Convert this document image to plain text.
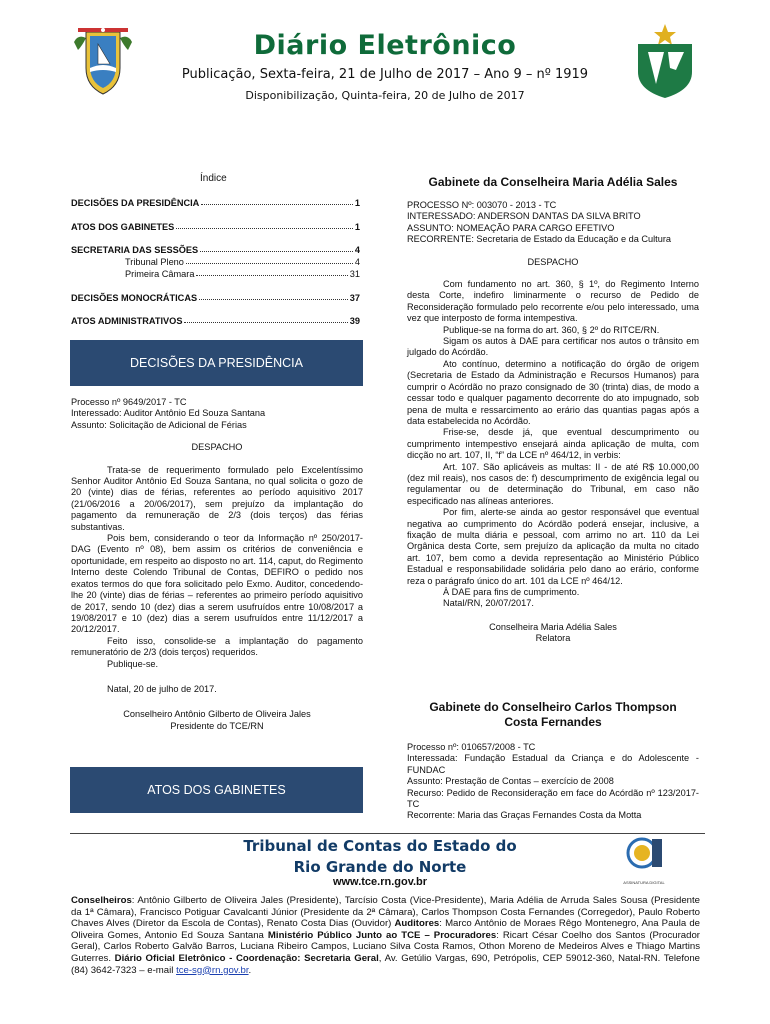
Diário Eletrônico
Publicação, Sexta-feira, 21 de Julho de 2017 – Ano 9 – nº 1919
Disponibilização, Quinta-feira, 20 de Julho de 2017
Índice
DECISÕES DA PRESIDÊNCIA	1
ATOS DOS GABINETES	1
SECRETARIA DAS SESSÕES	4
Tribunal Pleno	4
Primeira Câmara	31
DECISÕES MONOCRÁTICAS	37
ATOS ADMINISTRATIVOS	39
DECISÕES DA PRESIDÊNCIA
Processo nº 9649/2017 - TC
Interessado: Auditor Antônio Ed Souza Santana
Assunto: Solicitação de Adicional de Férias
DESPACHO
Trata-se de requerimento formulado pelo Excelentíssimo Senhor Auditor Antônio Ed Souza Santana, no qual solicita o gozo de 20 (vinte) dias de férias, referentes ao período aquisitivo 2017 (21/06/2016 a 20/06/2017), sem prejuízo da implantação do pagamento da remuneração de 2/3 (dois terços) das férias substantivas.
Pois bem, considerando o teor da Informação nº 250/2017-DAG (Evento nº 08), bem assim os critérios de conveniência e oportunidade, em respeito ao disposto no art. 114, caput, do Regimento Interno deste Colendo Tribunal de Contas, DEFIRO o pedido nos exatos termos do que fora solicitado pelo Exmo. Auditor, concedendo-lhe 20 (vinte) dias de férias – referentes ao primeiro período aquisitivo de 2017, sendo 10 (dez) dias a serem usufruídos entre 10/08/2017 a 19/08/2017 e 10 (dez) dias a serem usufruídos entre 11/12/2017 a 20/12/2017.
Feito isso, consolide-se a implantação do pagamento remuneratório de 2/3 (dois terços) requeridos.
Publique-se.
Natal, 20 de julho de 2017.
Conselheiro Antônio Gilberto de Oliveira Jales
Presidente do TCE/RN
ATOS DOS GABINETES
Gabinete da Conselheira Maria Adélia Sales
PROCESSO Nº: 003070 - 2013 - TC
INTERESSADO: ANDERSON DANTAS DA SILVA BRITO
ASSUNTO: NOMEAÇÃO PARA CARGO EFETIVO
RECORRENTE: Secretaria de Estado da Educação e da Cultura
DESPACHO
Com fundamento no art. 360, § 1º, do Regimento Interno desta Corte, indefiro liminarmente o recurso de Pedido de Reconsideração formulado pelo recorrente e/ou pelo interessado, uma vez que interposto de forma intempestiva.
Publique-se na forma do art. 360, § 2º do RITCE/RN.
Sigam os autos à DAE para certificar nos autos o trânsito em julgado do Acórdão.
Ato contínuo, determino a notificação do órgão de origem (Secretaria de Estado da Administração e Recursos Humanos) para cumprir o Acórdão no prazo consignado de 30 (trinta) dias, de modo a cessar todo e qualquer pagamento decorrente do ato impugnado, sob pena de multa e ressarcimento ao erário das quantias pagas após a data estabelecida no Acórdão.
Frise-se, desde já, que eventual descumprimento ou cumprimento intempestivo ensejará ainda aplicação de multa, com dicção no art. 107, II, “f” da LCE nº 464/12, in verbis:
Art. 107. São aplicáveis as multas: II - de até R$ 10.000,00 (dez mil reais), nos casos de: f) descumprimento de exigência legal ou regulamentar ou de determinação do Tribunal, em caso não especificado nas alíneas anteriores.
Por fim, alerte-se ainda ao gestor responsável que eventual negativa ao cumprimento do Acórdão poderá ensejar, inclusive, a fixação de multa diária e pessoal, com arrimo no art. 110 da Lei Orgânica desta Corte, sem prejuízo da aplicação da multa no citado art. 107, bem como a devida representação ao Ministério Público Estadual e responsabilidade solidária pelo dano ao erário, conforme reza o parágrafo único do art. 101 da LCE nº 464/12.
À DAE para fins de cumprimento.
Natal/RN, 20/07/2017.
Conselheira Maria Adélia Sales
Relatora
Gabinete do Conselheiro Carlos Thompson
Costa Fernandes
Processo nº: 010657/2008 - TC
Interessada: Fundação Estadual da Criança e do Adolescente - FUNDAC
Assunto: Prestação de Contas – exercício de 2008
Recurso: Pedido de Reconsideração em face do Acórdão nº 123/2017-TC
Recorrente: Maria das Graças Fernandes Costa da Motta
Tribunal de Contas do Estado do
Rio Grande do Norte
ASSINATURA DIGITAL
www.tce.rn.gov.br
Conselheiros: Antônio Gilberto de Oliveira Jales (Presidente), Tarcísio Costa (Vice-Presidente), Maria Adélia de Arruda Sales Sousa (Presidente da 1ª Câmara), Francisco Potiguar Cavalcanti Júnior (Presidente da 2ª Câmara), Carlos Thompson Costa Fernandes (Corregedor), Paulo Roberto Chaves Alves (Diretor da Escola de Contas), Renato Costa Dias (Ouvidor) Auditores: Marco Antônio de Moraes Rêgo Montenegro, Ana Paula de Oliveira Gomes, Antonio Ed Souza Santana Ministério Público Junto ao TCE – Procuradores: Ricart César Coelho dos Santos (Procurador Geral), Carlos Roberto Galvão Barros, Luciana Ribeiro Campos, Luciano Silva Costa Ramos, Othon Moreno de Medeiros Alves e Thiago Martins Guterres. Diário Oficial Eletrônico - Coordenação: Secretaria Geral, Av. Getúlio Vargas, 690, Petrópolis, CEP 59012-360, Natal-RN. Telefone (84) 3642-7323 – e-mail tce-sg@rn.gov.br.
